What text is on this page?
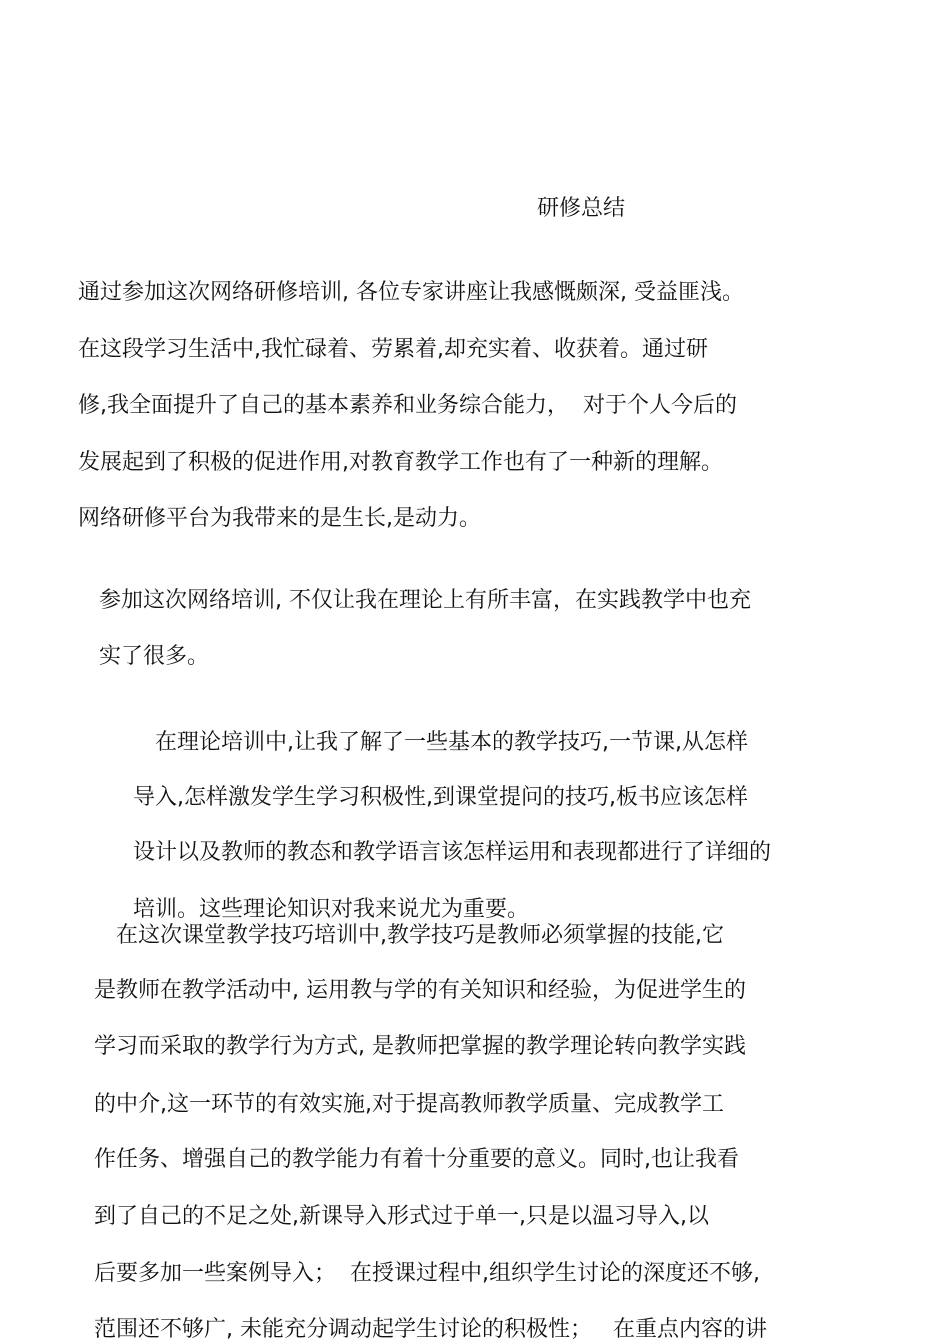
研修总结
通过参加这次网络研修培训, 各位专家讲座让我感慨颇深, 受益匪浅。
在这段学习生活中,我忙碌着、劳累着,却充实着、收获着。通过研
修,我全面提升了自己的基本素养和业务综合能力，  对于个人今后的
发展起到了积极的促进作用,对教育教学工作也有了一种新的理解。
网络研修平台为我带来的是生长,是动力。
参加这次网络培训, 不仅让我在理论上有所丰富，在实践教学中也充
实了很多。
在理论培训中,让我了解了一些基本的教学技巧,一节课,从怎样
导入,怎样激发学生学习积极性,到课堂提问的技巧,板书应该怎样
设计以及教师的教态和教学语言该怎样运用和表现都进行了详细的
培训。这些理论知识对我来说尤为重要。
在这次课堂教学技巧培训中,教学技巧是教师必须掌握的技能,它
是教师在教学活动中, 运用教与学的有关知识和经验，为促进学生的
学习而采取的教学行为方式, 是教师把掌握的教学理论转向教学实践
的中介,这一环节的有效实施,对于提高教师教学质量、完成教学工
作任务、增强自己的教学能力有着十分重要的意义。同时,也让我看
到了自己的不足之处,新课导入形式过于单一,只是以温习导入,以
后要多加一些案例导入；  在授课过程中,组织学生讨论的深度还不够,
范围还不够广, 未能充分调动起学生讨论的积极性；   在重点内容的讲
